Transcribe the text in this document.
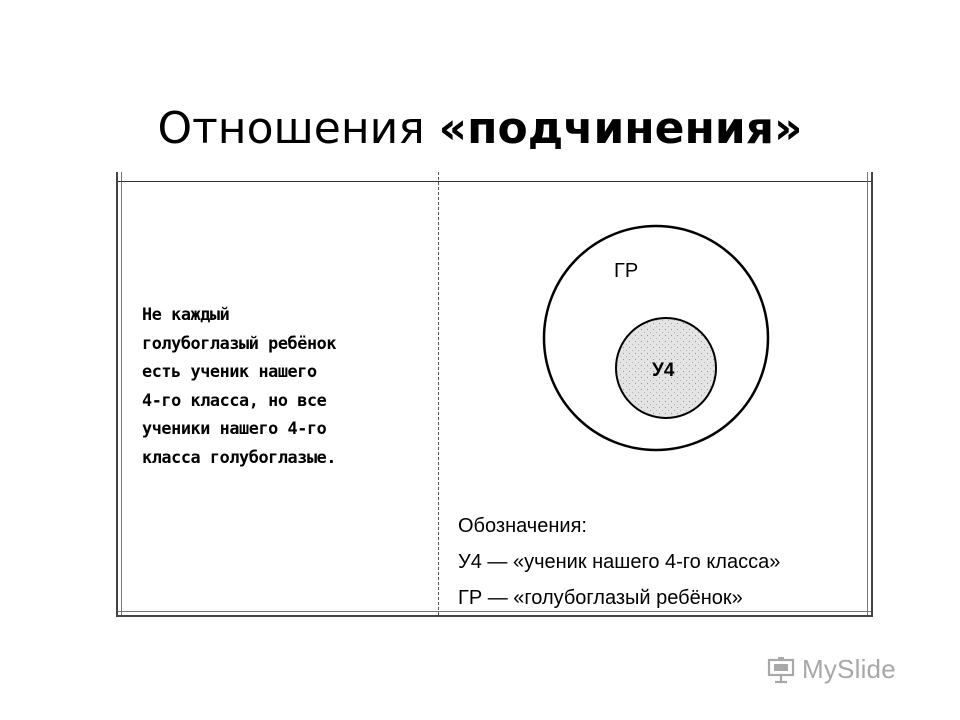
Отношения «подчинения»
Не каждый
голубоглазый ребёнок
есть ученик нашего
4-го класса, но все
ученики нашего 4-го
класса голубоглазые.
ГР
У4
Обозначения:
У4 — «ученик нашего 4-го класса»
ГР — «голубоглазый ребёнок»
MySlide
